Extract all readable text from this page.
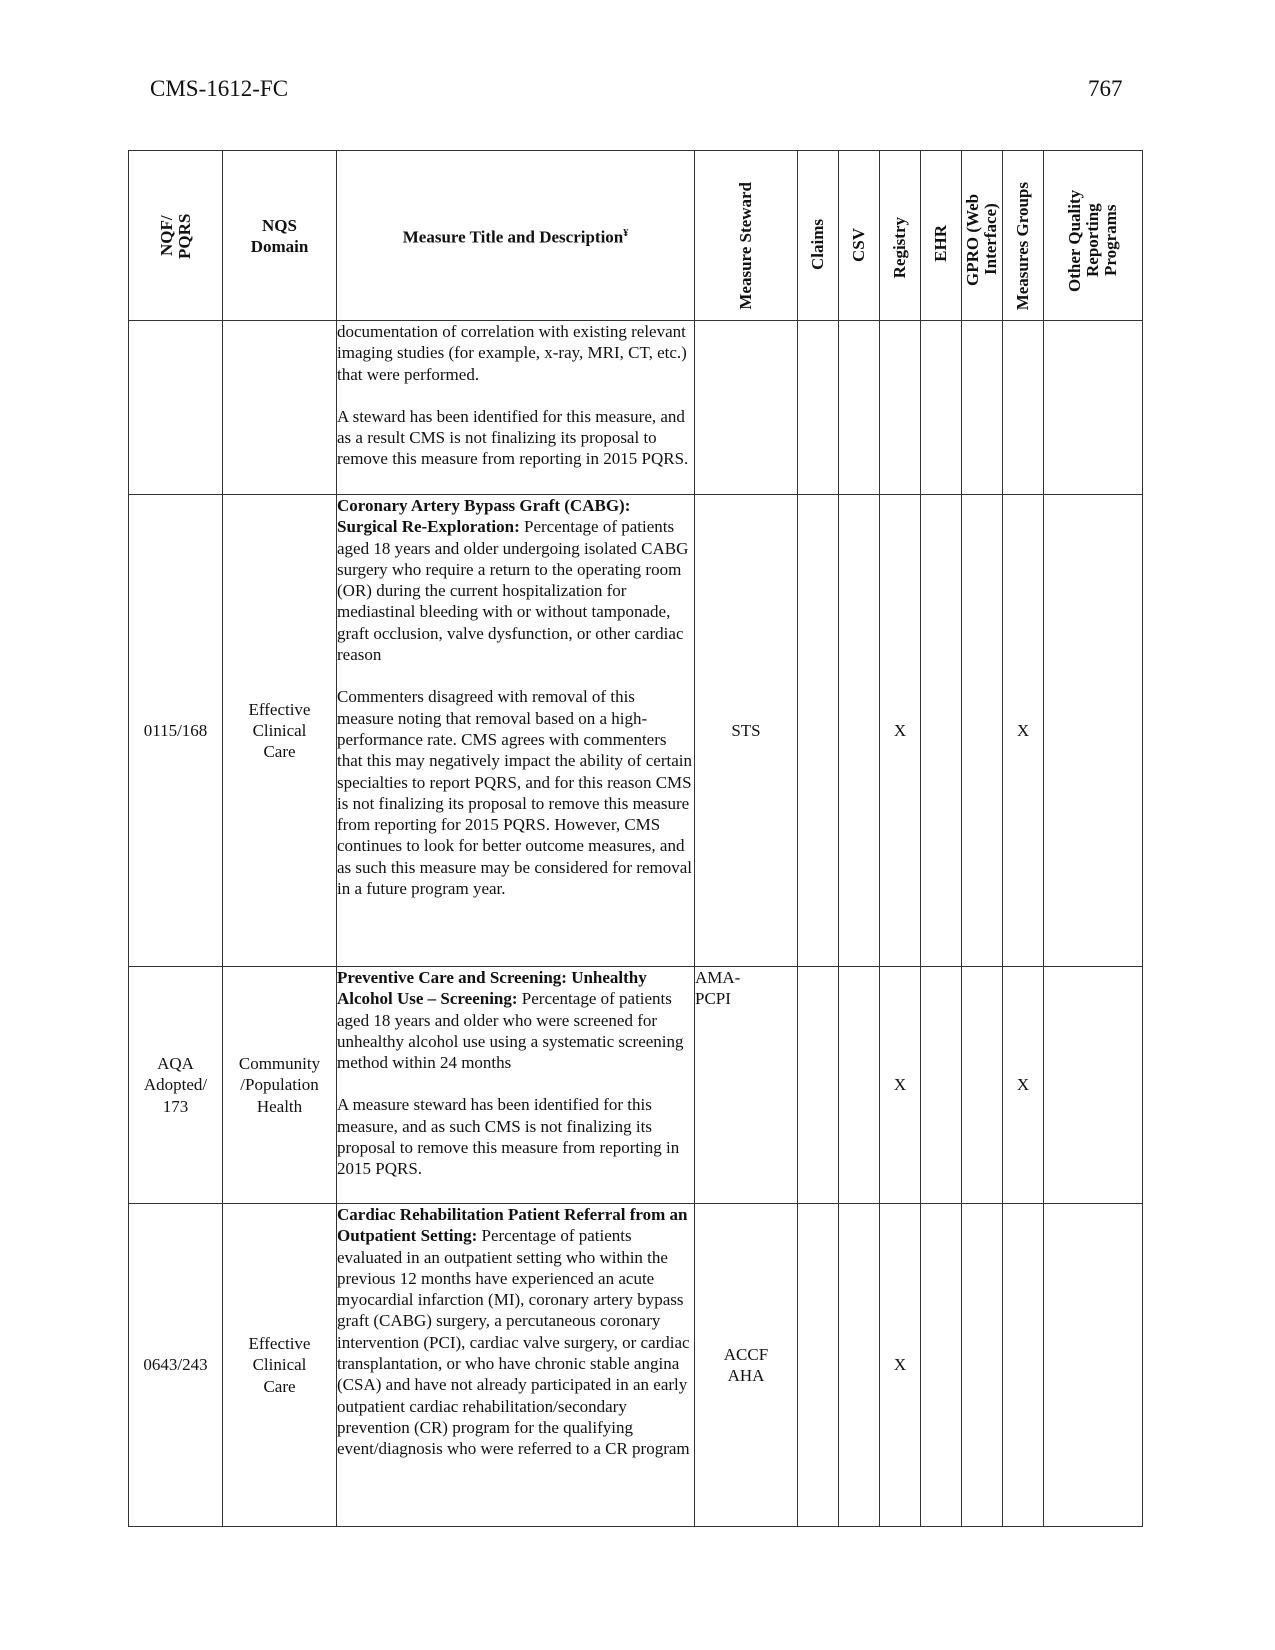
CMS-1612-FC	767
NQF/ PQRS	NQS Domain	Measure Title and Description¥	Measure Steward	Claims	CSV	Registry	EHR	GPRO (Web Interface)	Measures Groups	Other Quality Reporting Programs

		documentation of correlation with existing relevant imaging studies (for example, x-ray, MRI, CT, etc.) that were performed.

A steward has been identified for this measure, and as a result CMS is not finalizing its proposal to remove this measure from reporting in 2015 PQRS.								

0115/168	Effective Clinical Care	Coronary Artery Bypass Graft (CABG): Surgical Re-Exploration: Percentage of patients aged 18 years and older undergoing isolated CABG surgery who require a return to the operating room (OR) during the current hospitalization for mediastinal bleeding with or without tamponade, graft occlusion, valve dysfunction, or other cardiac reason

Commenters disagreed with removal of this measure noting that removal based on a high-performance rate. CMS agrees with commenters that this may negatively impact the ability of certain specialties to report PQRS, and for this reason CMS is not finalizing its proposal to remove this measure from reporting for 2015 PQRS. However, CMS continues to look for better outcome measures, and as such this measure may be considered for removal in a future program year.	STS			X			X	

AQA Adopted/ 173	Community /Population Health	Preventive Care and Screening: Unhealthy Alcohol Use – Screening: Percentage of patients aged 18 years and older who were screened for unhealthy alcohol use using a systematic screening method within 24 months

A measure steward has been identified for this measure, and as such CMS is not finalizing its proposal to remove this measure from reporting in 2015 PQRS.	AMA-PCPI			X			X	
0643/243	Effective Clinical Care	Cardiac Rehabilitation Patient Referral from an Outpatient Setting: Percentage of patients evaluated in an outpatient setting who within the previous 12 months have experienced an acute myocardial infarction (MI), coronary artery bypass graft (CABG) surgery, a percutaneous coronary intervention (PCI), cardiac valve surgery, or cardiac transplantation, or who have chronic stable angina (CSA) and have not already participated in an early outpatient cardiac rehabilitation/secondary prevention (CR) program for the qualifying event/diagnosis who were referred to a CR program	ACCF AHA			X				
